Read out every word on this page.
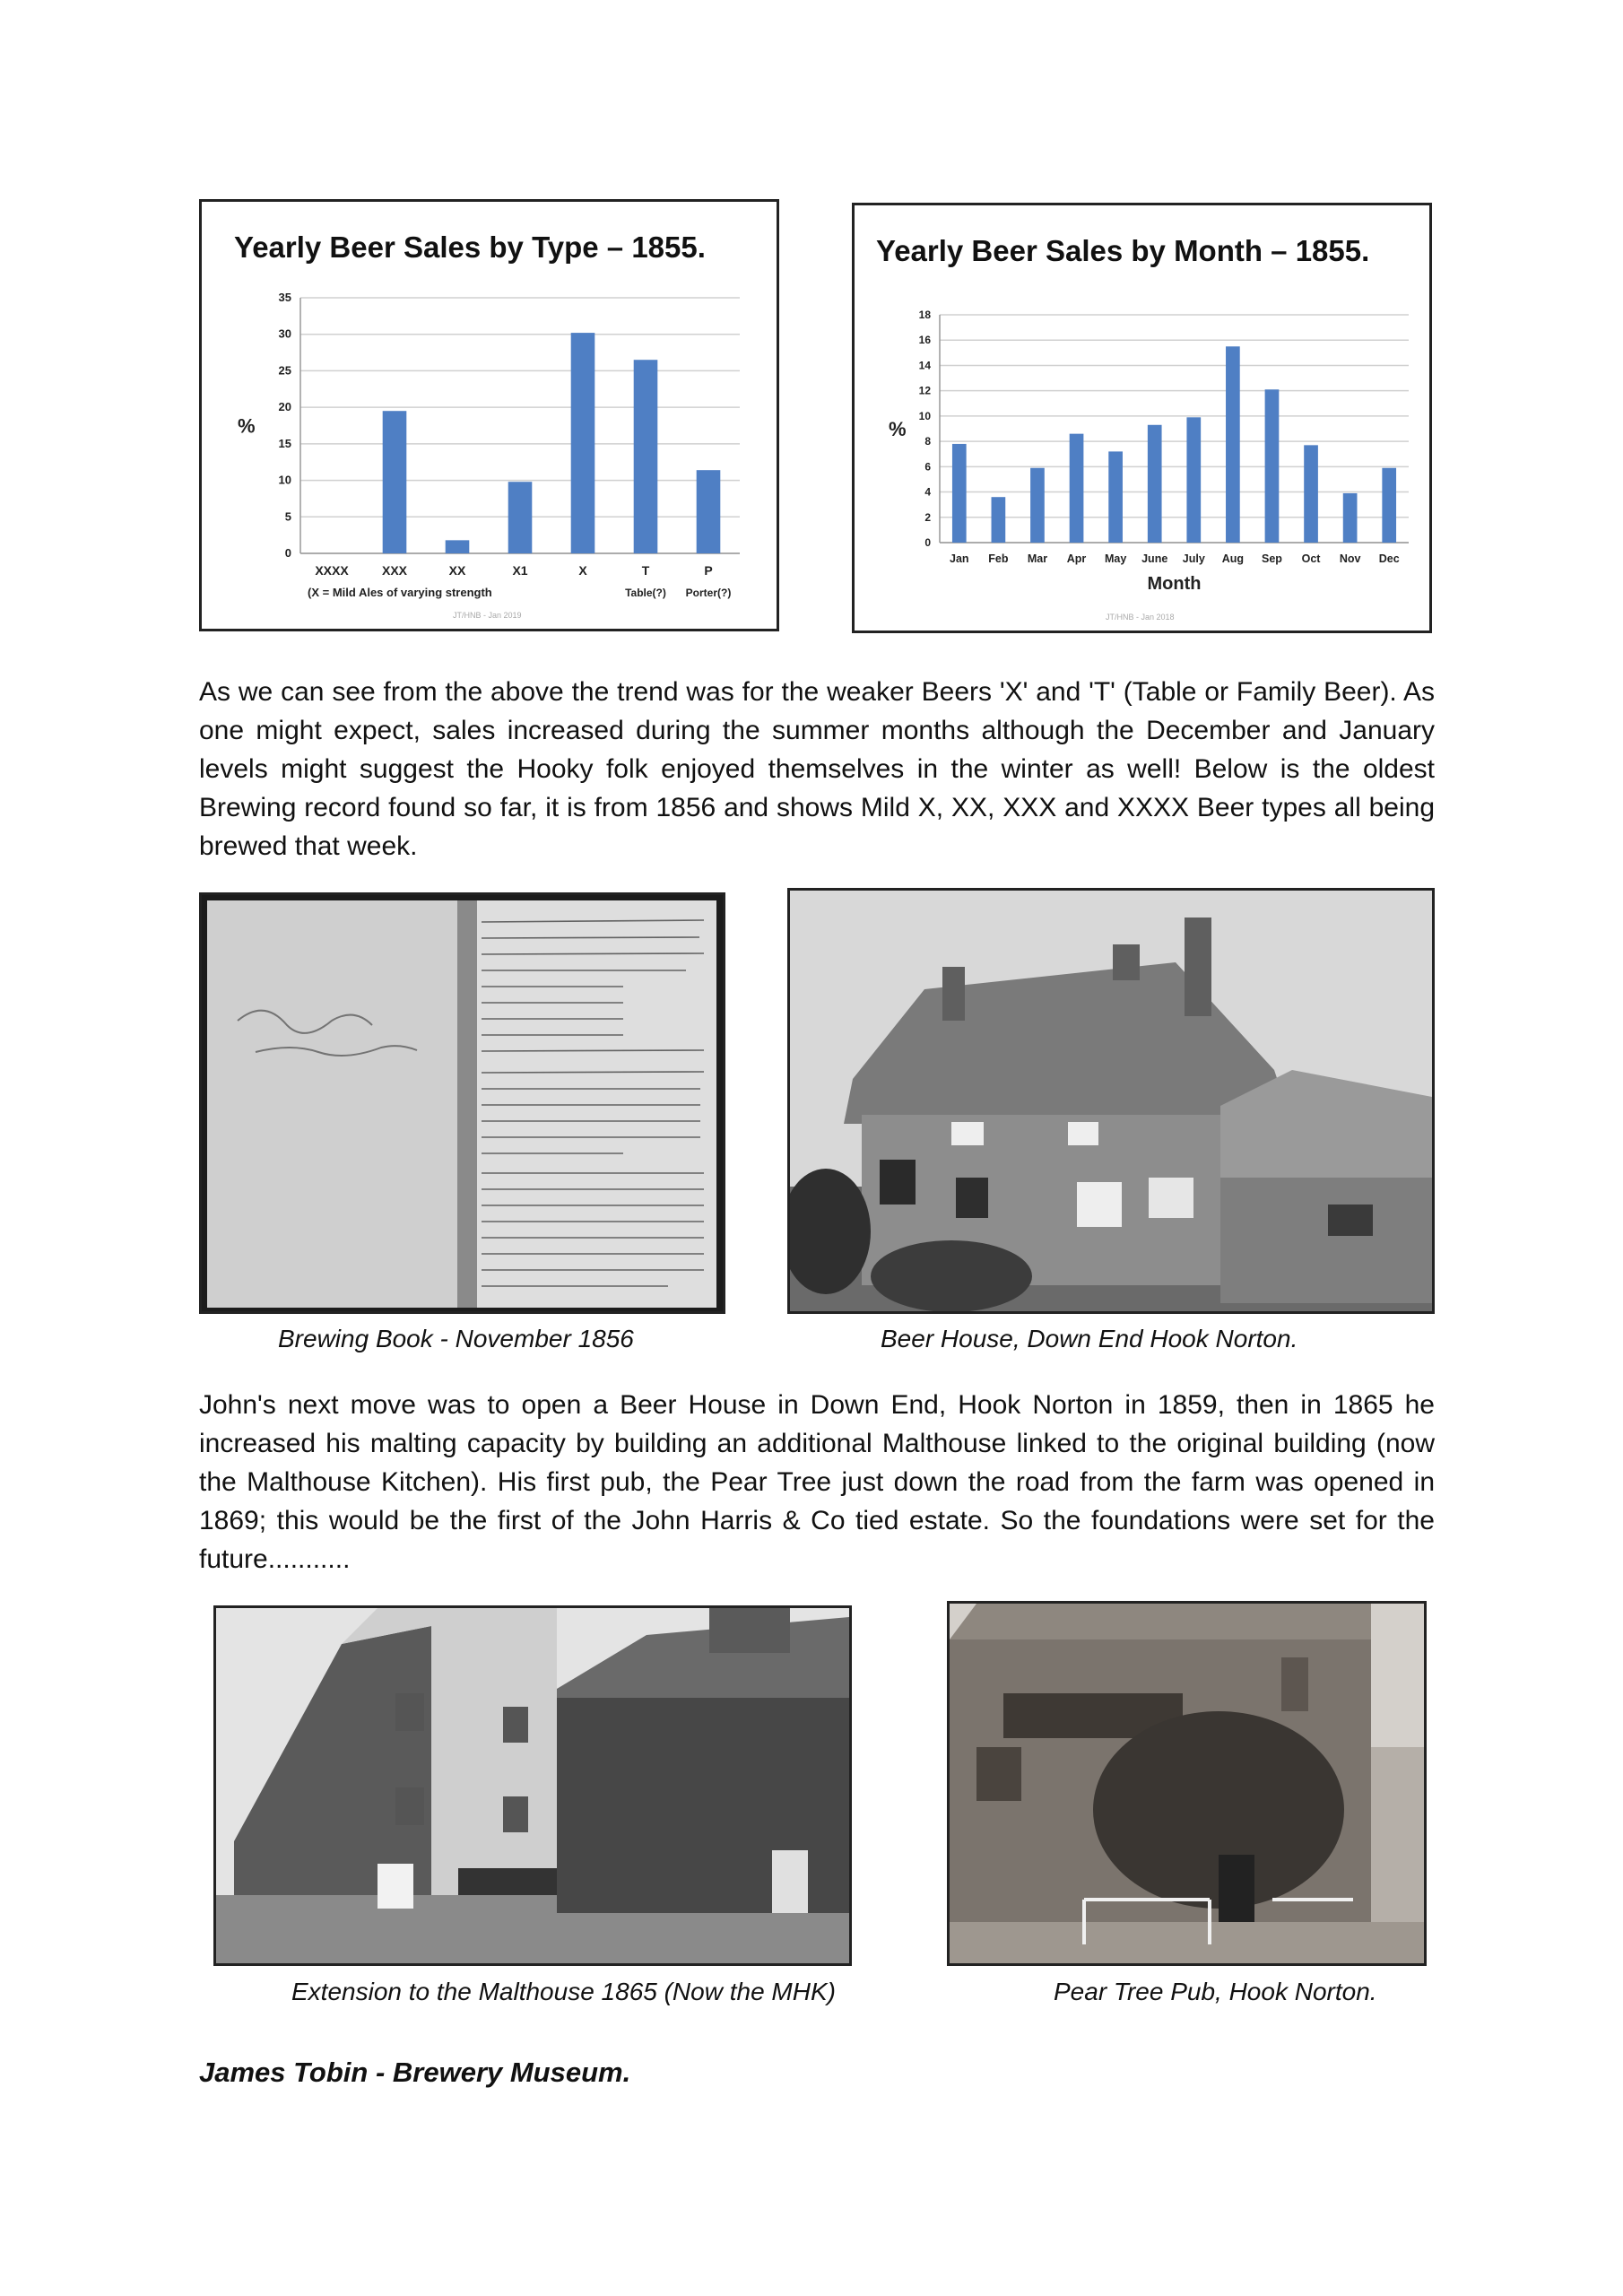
Yearly Beer Sales by Type – 1855.
0
5
10
15
20
25
30
35
%
XXXX	XXX	XX	X1	X	T	P
(X = Mild Ales of varying strength	Table(?) Porter(?)
JT/HNB - Jan 2019
Yearly Beer Sales by Month – 1855.
0
2
4
6
8
10
12
14
16
18
%
Jan Feb Mar Apr May June July Aug Sep Oct Nov Dec
Month
JT/HNB - Jan 2018

As we can see from the above the trend was for the weaker Beers 'X' and 'T' (Table or Family Beer). As one might expect, sales increased during the summer months although the December and January levels might suggest the Hooky folk enjoyed themselves in the winter as well! Below is the oldest Brewing record found so far, it is from 1856 and shows Mild X, XX, XXX and XXXX Beer types all being brewed that week.

Brewing Book - November 1856	Beer House, Down End Hook Norton.

John's next move was to open a Beer House in Down End, Hook Norton in 1859, then in 1865 he increased his malting capacity by building an additional Malthouse linked to the original building (now the Malthouse Kitchen). His first pub, the Pear Tree just down the road from the farm was opened in 1869; this would be the first of the John Harris & Co tied estate. So the foundations were set for the future...........

Extension to the Malthouse 1865 (Now the MHK)	Pear Tree Pub, Hook Norton.
James Tobin - Brewery Museum.
